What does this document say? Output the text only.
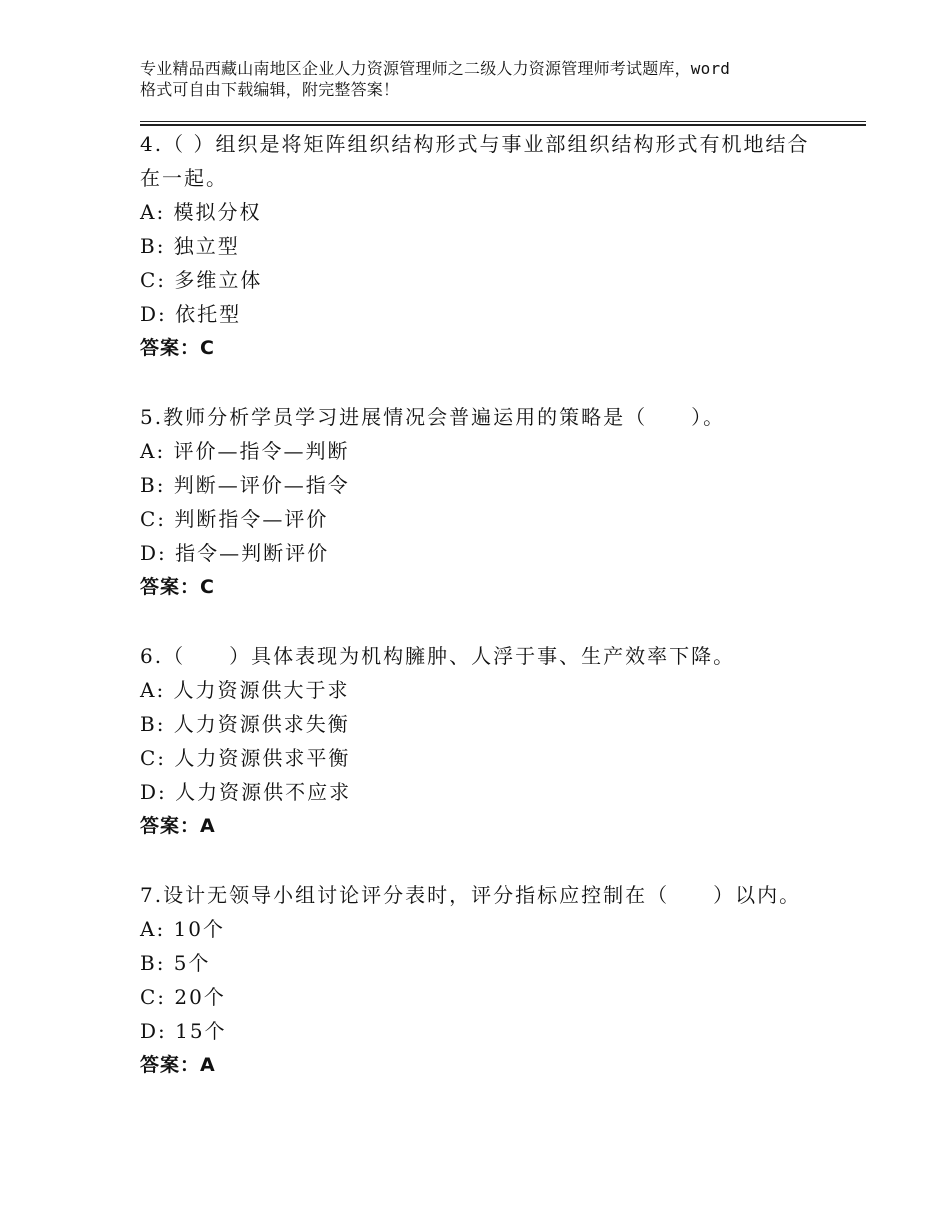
专业精品西藏山南地区企业人力资源管理师之二级人力资源管理师考试题库，word
格式可自由下载编辑，附完整答案！
4.（ ）组织是将矩阵组织结构形式与事业部组织结构形式有机地结合在一起。
A: 模拟分权
B: 独立型
C: 多维立体
D: 依托型
答案：C
5.教师分析学员学习进展情况会普遍运用的策略是（　　）。
A: 评价—指令—判断
B: 判断—评价—指令
C: 判断指令—评价
D: 指令—判断评价
答案：C
6.（　　）具体表现为机构臃肿、人浮于事、生产效率下降。
A: 人力资源供大于求
B: 人力资源供求失衡
C: 人力资源供求平衡
D: 人力资源供不应求
答案：A
7.设计无领导小组讨论评分表时，评分指标应控制在（　　）以内。
A: 10个
B: 5个
C: 20个
D: 15个
答案：A
